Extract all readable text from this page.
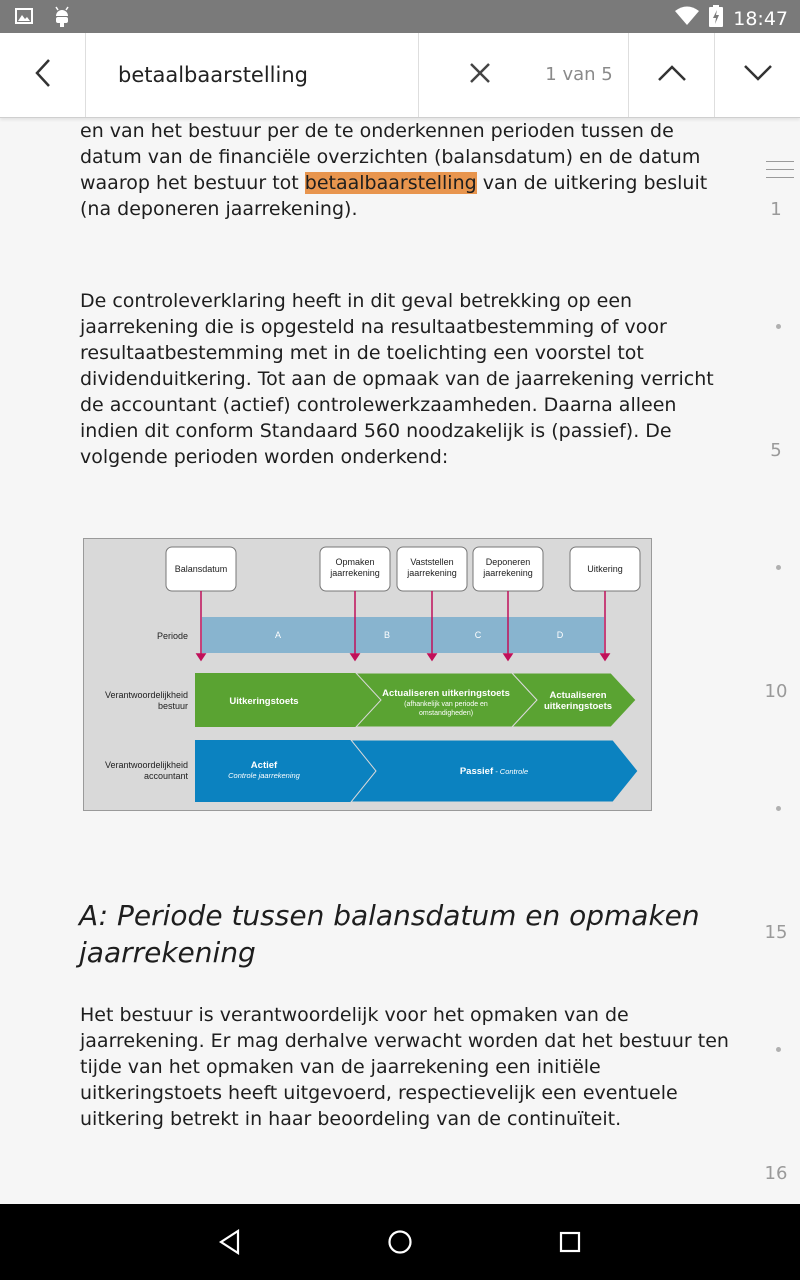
18:47
betaalbaarstelling	1 van 5
en van het bestuur per de te onderkennen perioden tussen de datum van de financiële overzichten (balansdatum) en de datum waarop het bestuur tot betaalbaarstelling van de uitkering besluit (na deponeren jaarrekening).
De controleverklaring heeft in dit geval betrekking op een jaarrekening die is opgesteld na resultaatbestemming of voor resultaatbestemming met in de toelichting een voorstel tot dividenduitkering. Tot aan de opmaak van de jaarrekening verricht de accountant (actief) controlewerkzaamheden. Daarna alleen indien dit conform Standaard 560 noodzakelijk is (passief). De volgende perioden worden onderkend:
Balansdatum
Opmaken jaarrekening
Vaststellen jaarrekening
Deponeren jaarrekening	Uitkering
Periode	A	B	C	D
Verantwoordelijkheid bestuur	Uitkeringstoets
Actualiseren uitkeringstoets
(afhankelijk van periode en
omstandigheden)
Actualiseren uitkeringstoets
Verantwoordelijkheid accountant
Actief
Controle jaarrekening	Passief - Controle
A: Periode tussen balansdatum en opmaken jaarrekening
Het bestuur is verantwoordelijk voor het opmaken van de jaarrekening. Er mag derhalve verwacht worden dat het bestuur ten tijde van het opmaken van de jaarrekening een initiële uitkeringstoets heeft uitgevoerd, respectievelijk een eventuele uitkering betrekt in haar beoordeling van de continuïteit.
1
5
10
15
16
